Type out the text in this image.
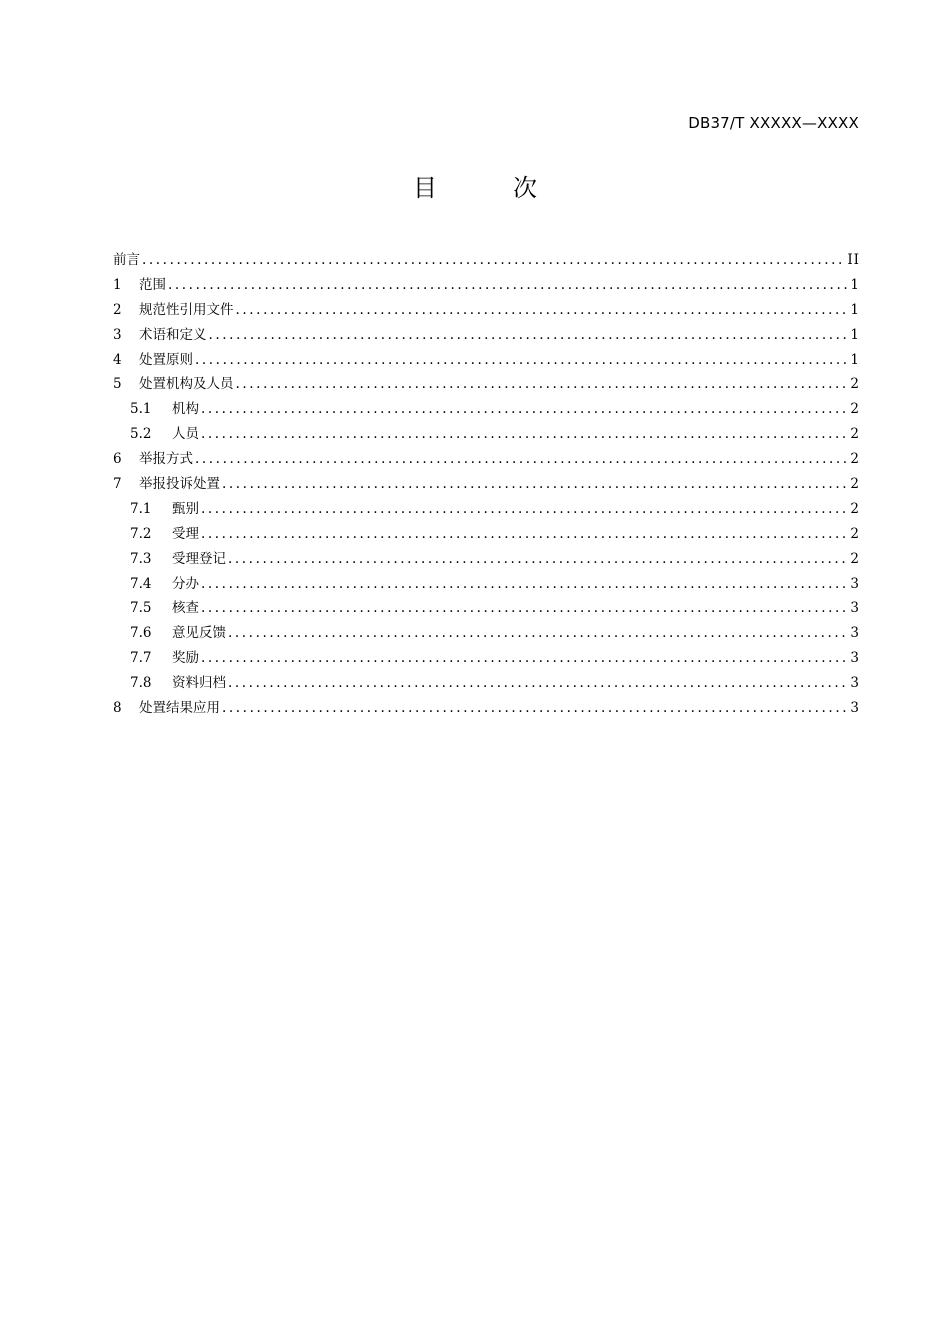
DB37/T XXXXX—XXXX
目　次
前言 .....	II
1	范围 .....	1
2	规范性引用文件 .....	1
3	术语和定义 .....	1
4	处置原则 .....	1
5	处置机构及人员 .....	2
5.1	机构 .....	2
5.2	人员 .....	2
6	举报方式 .....	2
7	举报投诉处置 .....	2
7.1	甄别 .....	2
7.2	受理 .....	2
7.3	受理登记 .....	2
7.4	分办 .....	3
7.5	核查 .....	3
7.6	意见反馈 .....	3
7.7	奖励 .....	3
7.8	资料归档 .....	3
8	处置结果应用 .....	3
